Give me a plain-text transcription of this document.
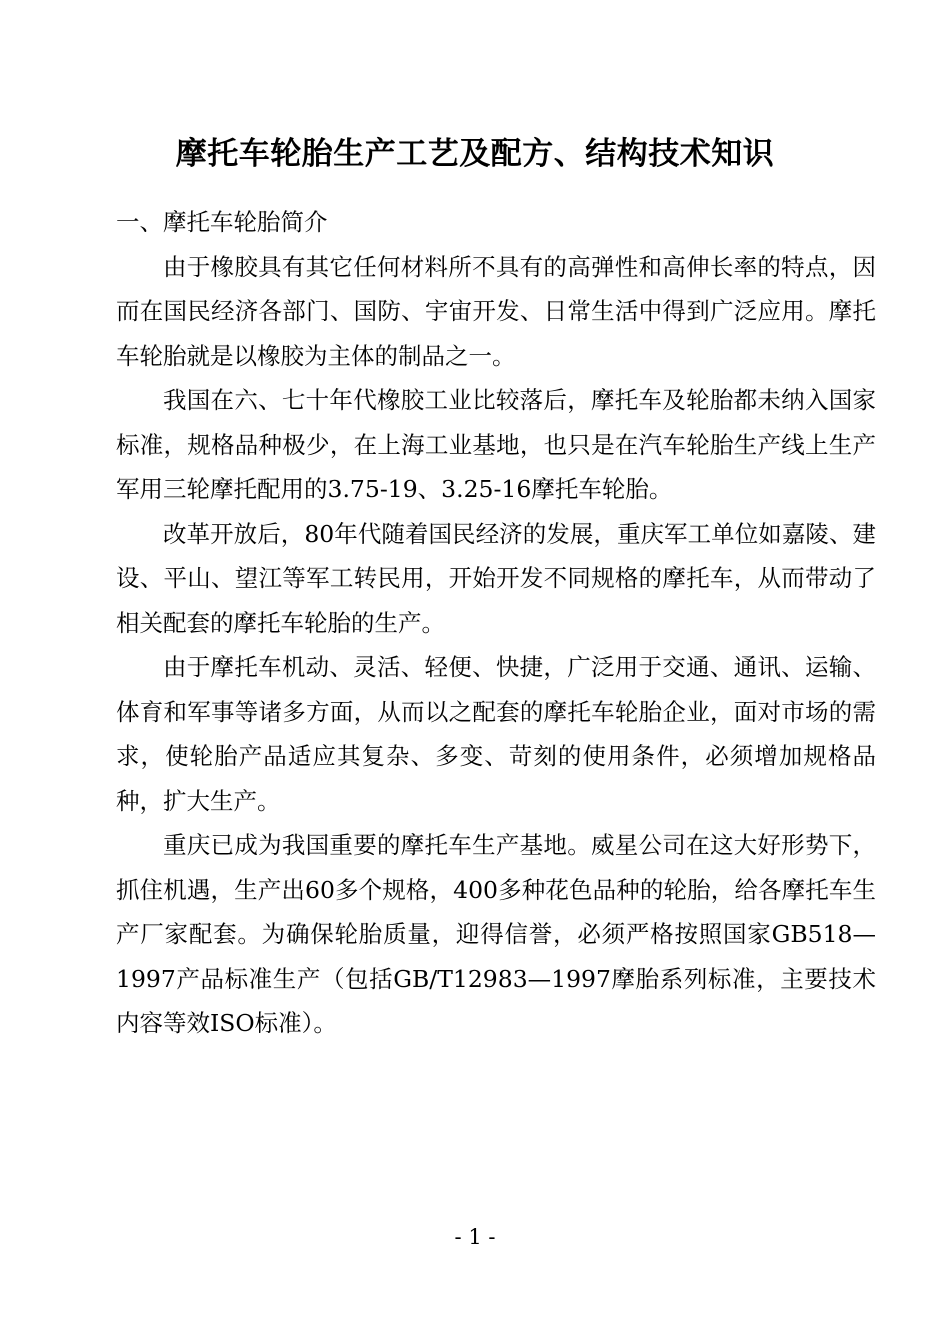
摩托车轮胎生产工艺及配方、结构技术知识

一、摩托车轮胎简介

由于橡胶具有其它任何材料所不具有的高弹性和高伸长率的特点，因而在国民经济各部门、国防、宇宙开发、日常生活中得到广泛应用。摩托车轮胎就是以橡胶为主体的制品之一。

我国在六、七十年代橡胶工业比较落后，摩托车及轮胎都未纳入国家标准，规格品种极少，在上海工业基地，也只是在汽车轮胎生产线上生产军用三轮摩托配用的3.75-19、3.25-16摩托车轮胎。

改革开放后，80年代随着国民经济的发展，重庆军工单位如嘉陵、建设、平山、望江等军工转民用，开始开发不同规格的摩托车，从而带动了相关配套的摩托车轮胎的生产。

由于摩托车机动、灵活、轻便、快捷，广泛用于交通、通讯、运输、体育和军事等诸多方面，从而以之配套的摩托车轮胎企业，面对市场的需求，使轮胎产品适应其复杂、多变、苛刻的使用条件，必须增加规格品种，扩大生产。

重庆已成为我国重要的摩托车生产基地。威星公司在这大好形势下，抓住机遇，生产出60多个规格，400多种花色品种的轮胎，给各摩托车生产厂家配套。为确保轮胎质量，迎得信誉，必须严格按照国家GB518—1997产品标准生产（包括GB/T12983—1997摩胎系列标准，主要技术内容等效ISO标准）。

- 1 -
